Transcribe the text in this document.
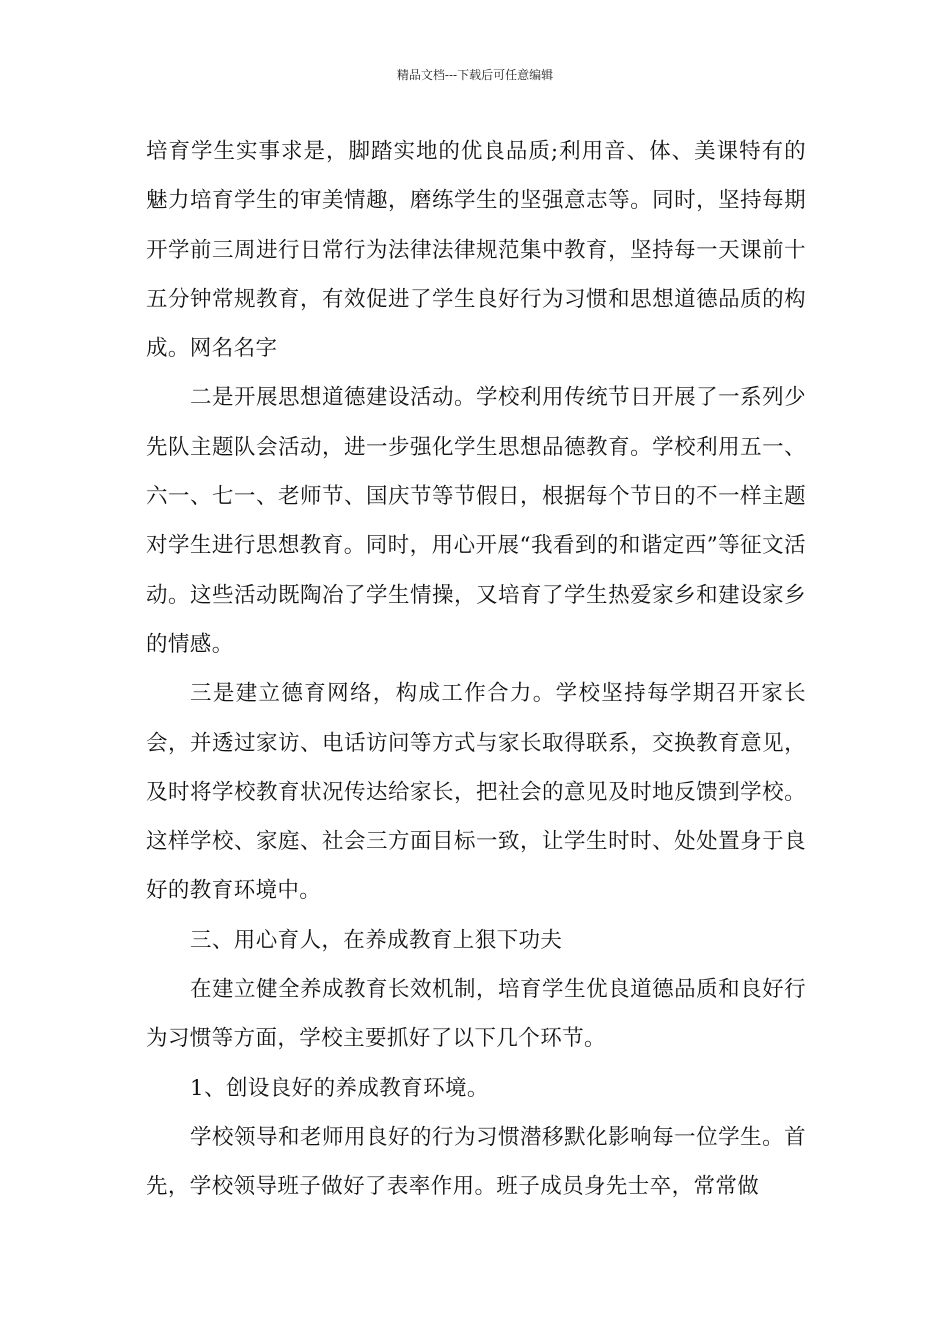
精品文档---下载后可任意编辑

培育学生实事求是，脚踏实地的优良品质;利用音、体、美课特有的魅力培育学生的审美情趣，磨练学生的坚强意志等。同时，坚持每期开学前三周进行日常行为法律法律规范集中教育，坚持每一天课前十五分钟常规教育，有效促进了学生良好行为习惯和思想道德品质的构成。网名名字

二是开展思想道德建设活动。学校利用传统节日开展了一系列少先队主题队会活动，进一步强化学生思想品德教育。学校利用五一、六一、七一、老师节、国庆节等节假日，根据每个节日的不一样主题对学生进行思想教育。同时，用心开展“我看到的和谐定西”等征文活动。这些活动既陶冶了学生情操，又培育了学生热爱家乡和建设家乡的情感。

三是建立德育网络，构成工作合力。学校坚持每学期召开家长会，并透过家访、电话访问等方式与家长取得联系，交换教育意见，及时将学校教育状况传达给家长，把社会的意见及时地反馈到学校。这样学校、家庭、社会三方面目标一致，让学生时时、处处置身于良好的教育环境中。

三、用心育人，在养成教育上狠下功夫

在建立健全养成教育长效机制，培育学生优良道德品质和良好行为习惯等方面，学校主要抓好了以下几个环节。

1、创设良好的养成教育环境。

学校领导和老师用良好的行为习惯潜移默化影响每一位学生。首先，学校领导班子做好了表率作用。班子成员身先士卒，常常做
